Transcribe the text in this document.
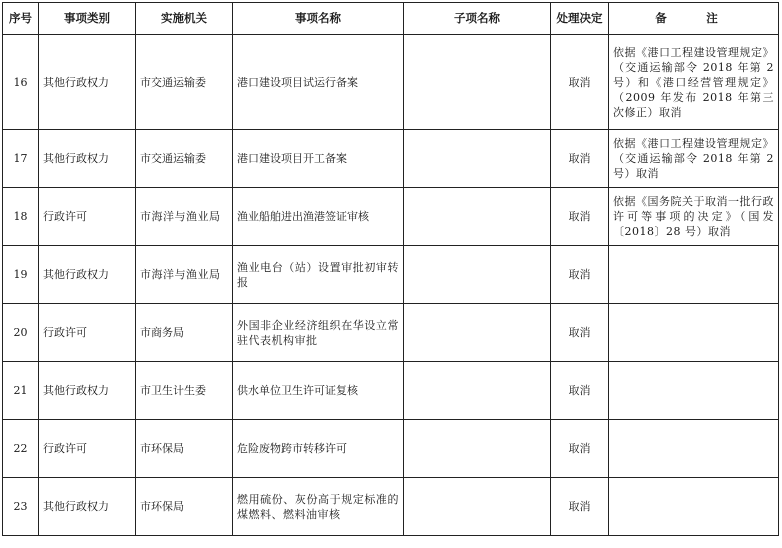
序号	事项类别	实施机关	事项名称	子项名称	处理决定	备　注
16	其他行政权力	市交通运输委	港口建设项目试运行备案		取消	依据《港口工程建设管理规定》（交通运输部令 2018 年第 2 号）和《港口经营管理规定》（2009 年发布 2018 年第三次修正）取消
17	其他行政权力	市交通运输委	港口建设项目开工备案		取消	依据《港口工程建设管理规定》（交通运输部令 2018 年第 2 号）取消
18	行政许可	市海洋与渔业局	渔业船舶进出渔港签证审核		取消	依据《国务院关于取消一批行政许可等事项的决定》（国发〔2018〕28 号）取消
19	其他行政权力	市海洋与渔业局	渔业电台（站）设置审批初审转报		取消	
20	行政许可	市商务局	外国非企业经济组织在华设立常驻代表机构审批		取消	
21	其他行政权力	市卫生计生委	供水单位卫生许可证复核		取消	
22	行政许可	市环保局	危险废物跨市转移许可		取消	
23	其他行政权力	市环保局	燃用硫份、灰份高于规定标准的煤燃料、燃料油审核		取消	
